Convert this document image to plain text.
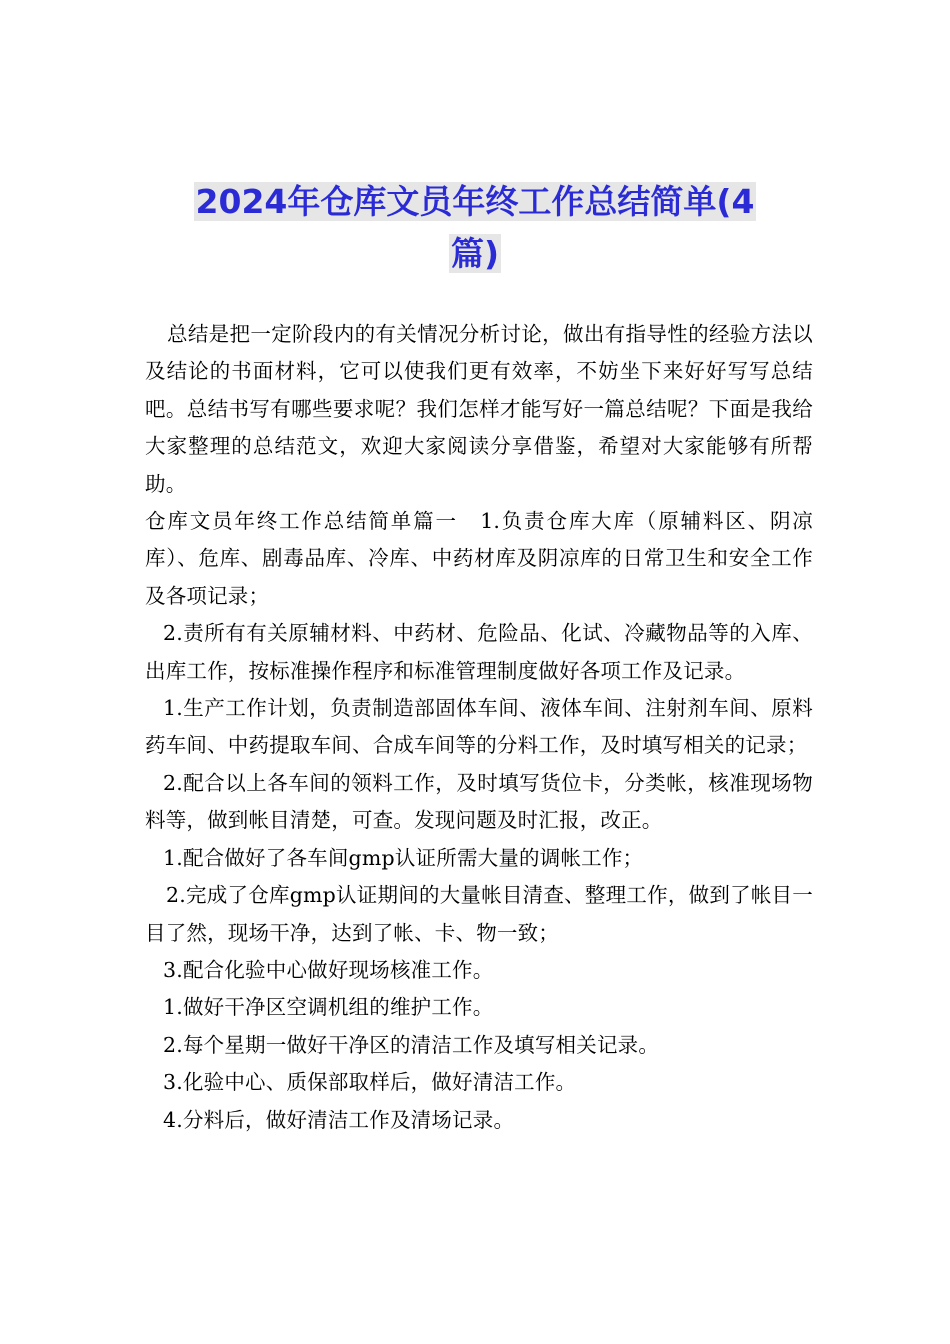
2024年仓库文员年终工作总结简单(4
篇)

总结是把一定阶段内的有关情况分析讨论，做出有指导性的经验方法以及结论的书面材料，它可以使我们更有效率，不妨坐下来好好写写总结吧。总结书写有哪些要求呢？我们怎样才能写好一篇总结呢？下面是我给大家整理的总结范文，欢迎大家阅读分享借鉴，希望对大家能够有所帮助。

仓库文员年终工作总结简单篇一　1.负责仓库大库（原辅料区、阴凉库）、危库、剧毒品库、冷库、中药材库及阴凉库的日常卫生和安全工作及各项记录；

2.责所有有关原辅材料、中药材、危险品、化试、冷藏物品等的入库、出库工作，按标准操作程序和标准管理制度做好各项工作及记录。

1.生产工作计划，负责制造部固体车间、液体车间、注射剂车间、原料药车间、中药提取车间、合成车间等的分料工作，及时填写相关的记录；

2.配合以上各车间的领料工作，及时填写货位卡，分类帐，核准现场物料等，做到帐目清楚，可查。发现问题及时汇报，改正。

1.配合做好了各车间gmp认证所需大量的调帐工作；

2.完成了仓库gmp认证期间的大量帐目清查、整理工作，做到了帐目一目了然，现场干净，达到了帐、卡、物一致；

3.配合化验中心做好现场核准工作。

1.做好干净区空调机组的维护工作。

2.每个星期一做好干净区的清洁工作及填写相关记录。

3.化验中心、质保部取样后，做好清洁工作。

4.分料后，做好清洁工作及清场记录。
